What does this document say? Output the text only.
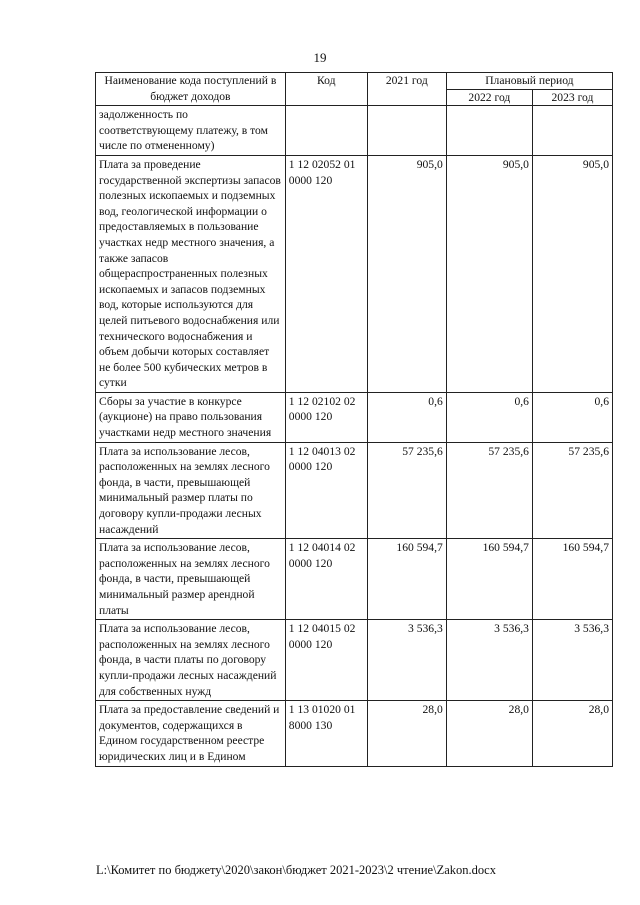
19
Наименование кода поступлений в бюджет доходов	Код	2021 год	Плановый период	
			2022 год	2023 год
задолженность по соответствующему платежу, в том числе по отмененному)				
Плата за проведение государственной экспертизы запасов полезных ископаемых и подземных вод, геологической информации о предоставляемых в пользование участках недр местного значения, а также запасов общераспространенных полезных ископаемых и запасов подземных вод, которые используются для целей питьевого водоснабжения или технического водоснабжения и объем добычи которых составляет не более 500 кубических метров в сутки	1 12 02052 01 0000 120	905,0	905,0	905,0
Сборы за участие в конкурсе (аукционе) на право пользования участками недр местного значения	1 12 02102 02 0000 120	0,6	0,6	0,6
Плата за использование лесов, расположенных на землях лесного фонда, в части, превышающей минимальный размер платы по договору купли-продажи лесных насаждений	1 12 04013 02 0000 120	57 235,6	57 235,6	57 235,6
Плата за использование лесов, расположенных на землях лесного фонда, в части, превышающей минимальный размер арендной платы	1 12 04014 02 0000 120	160 594,7	160 594,7	160 594,7
Плата за использование лесов, расположенных на землях лесного фонда, в части платы по договору купли-продажи лесных насаждений для собственных нужд	1 12 04015 02 0000 120	3 536,3	3 536,3	3 536,3
Плата за предоставление сведений и документов, содержащихся в Едином государственном реестре юридических лиц и в Едином	1 13 01020 01 8000 130	28,0	28,0	28,0
L:\Комитет по бюджету\2020\закон\бюджет 2021-2023\2 чтение\Zakon.docx
